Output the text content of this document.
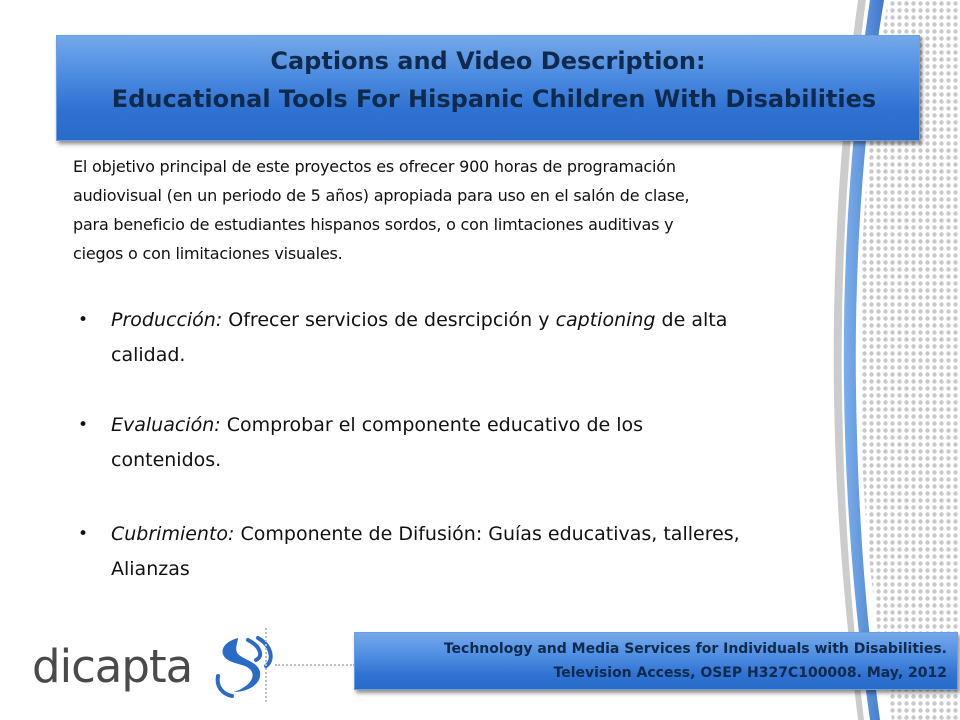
Captions and Video Description:
Educational Tools For Hispanic Children With Disabilities
El objetivo principal de este proyectos es ofrecer 900 horas de programación
audiovisual (en un periodo de 5 años) apropiada para uso en el salón de clase,
para beneficio de estudiantes hispanos sordos, o con limtaciones auditivas y
ciegos o con limitaciones visuales.
•	Producción: Ofrecer servicios de desrcipción y captioning de alta
calidad.
•	Evaluación: Comprobar el componente educativo de los
contenidos.
•	Cubrimiento: Componente de Difusión: Guías educativas, talleres,
Alianzas
dicapta	Technology and Media Services for Individuals with Disabilities.
Television Access, OSEP H327C100008. May, 2012
